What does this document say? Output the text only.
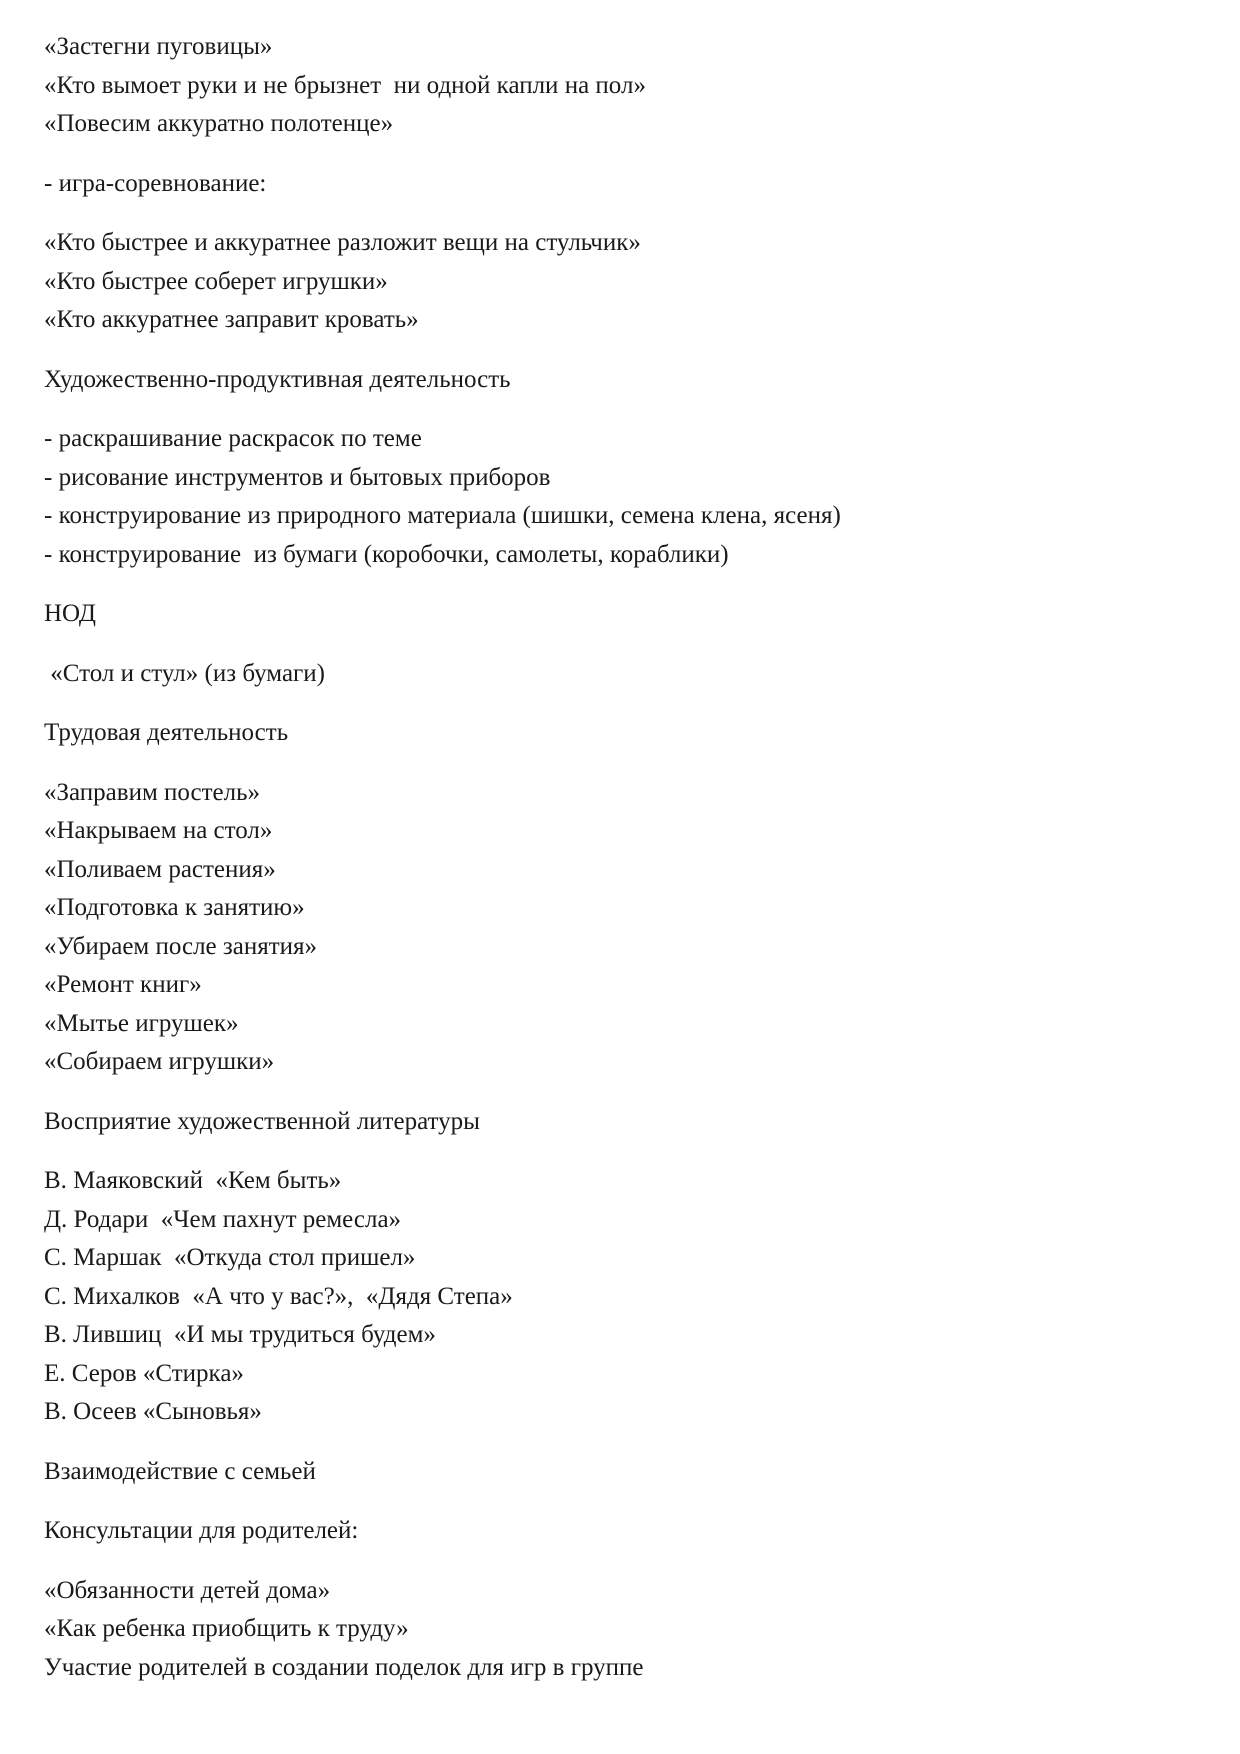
«Застегни пуговицы»
«Кто вымоет руки и не брызнет  ни одной капли на пол»
«Повесим аккуратно полотенце»
- игра-соревнование:
«Кто быстрее и аккуратнее разложит вещи на стульчик»
«Кто быстрее соберет игрушки»
«Кто аккуратнее заправит кровать»
Художественно-продуктивная деятельность
- раскрашивание раскрасок по теме
- рисование инструментов и бытовых приборов
- конструирование из природного материала (шишки, семена клена, ясеня)
- конструирование  из бумаги (коробочки, самолеты, кораблики)
НОД
«Стол и стул» (из бумаги)
Трудовая деятельность
«Заправим постель»
«Накрываем на стол»
«Поливаем растения»
«Подготовка к занятию»
«Убираем после занятия»
«Ремонт книг»
«Мытье игрушек»
«Собираем игрушки»
Восприятие художественной литературы
В. Маяковский  «Кем быть»
Д. Родари  «Чем пахнут ремесла»
С. Маршак  «Откуда стол пришел»
С. Михалков  «А что у вас?»,  «Дядя Степа»
В. Лившиц  «И мы трудиться будем»
Е. Серов «Стирка»
В. Осеев «Сыновья»
Взаимодействие с семьей
Консультации для родителей:
«Обязанности детей дома»
«Как ребенка приобщить к труду»
Участие родителей в создании поделок для игр в группе
